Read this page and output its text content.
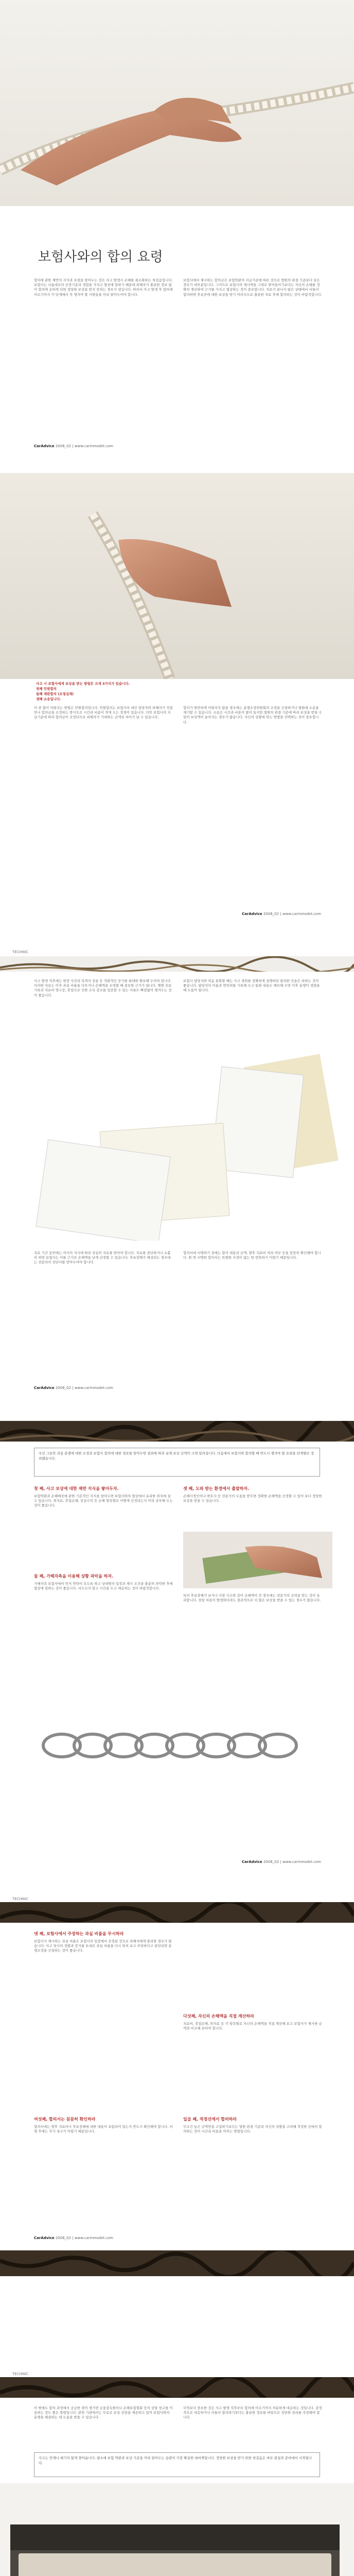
보험사와의 합의 요령

합의에 관한 제반의 지식과 요령을 알아두는 것은 사고 발생시 손해를 최소화하는 첫걸음입니다. 보험사는 나름대로의 산정기준과 경험을 가지고 협상에 임하기 때문에 피해자가 충분한 정보 없이 합의에 응하게 되면 정당한 보상을 받지 못하는 경우가 생깁니다. 따라서 사고 발생 후 합의에 이르기까지 각 단계에서 꼭 챙겨야 할 사항들을 미리 알아두어야 합니다.

보험사에서 제시하는 합의금은 보험약관의 지급기준에 따른 것으로 법원의 판결 기준보다 낮은 경우가 대부분입니다. 그러므로 보험사의 제시액을 그대로 받아들이기보다는 자신의 손해를 정확히 계산하여 근거를 가지고 협상하는 것이 중요합니다. 치료가 끝나지 않은 상태에서 서둘러 합의하면 후유증에 대한 보상을 받기 어려우므로 충분한 치료 후에 합의하는 것이 바람직합니다.

CarAdvice 2008_02 | www.carinmodel.com
사고 시 보험사에게 보상을 받는 방법은 크게 3가지가 있습니다.
첫째 민원합의
둘째 재판합의 (조정심재)
셋째 소송입니다.

이 중 많이 이뤄지는 방법은 민원합의입니다. 민원합의는 보험사의 대인 담당자와 피해자가 직접 만나 합의금을 조정하는 방식으로 시간과 비용이 적게 드는 장점이 있습니다. 다만 보험사의 지급기준에 따라 합의금이 산정되므로 피해자가 기대하는 금액과 차이가 날 수 있습니다.

합의가 원만하게 이뤄지지 않을 경우에는 분쟁조정위원회의 조정을 신청하거나 법원에 소송을 제기할 수 있습니다. 소송은 시간과 비용이 많이 들지만 법원의 판결 기준에 따라 보상을 받을 수 있어 보상액이 높아지는 경우가 많습니다. 자신의 상황에 맞는 방법을 선택하는 것이 중요합니다.

CarAdvice 2008_02 | www.carinmodel.com
TECHNIC

사고 발생 직후에는 현장 사진과 목격자 진술 등 객관적인 증거를 최대한 확보해 두어야 합니다. 이러한 자료는 이후 과실 비율을 다투거나 손해액을 산정할 때 중요한 근거가 됩니다. 병원 진료 기록과 치료비 영수증, 휴업으로 인한 소득 감소를 입증할 수 있는 서류도 빠짐없이 챙겨두는 것이 좋습니다.

보험사 담당자와 처음 통화할 때는 사고 경위를 정확하게 설명하되 불리한 진술은 피하는 것이 좋습니다. 담당자의 이름과 연락처를 기록해 두고 통화 내용도 메모해 두면 이후 분쟁이 생겼을 때 도움이 됩니다.

치료 기간 동안에는 의사의 지시에 따라 성실히 치료를 받아야 합니다. 치료를 중단하거나 소홀히 하면 보험사는 이를 근거로 손해액을 낮게 산정할 수 있습니다. 후유장해가 예상되는 경우에는 전문의의 진단서를 받아두어야 합니다.

합의서에 서명하기 전에는 합의 내용과 금액, 향후 치료비 처리 여부 등을 꼼꼼히 확인해야 합니다. 한 번 서명한 합의서는 특별한 사정이 없는 한 번복하기 어렵기 때문입니다.

CarAdvice 2008_02 | www.carinmodel.com
우선 그동안 과실 분쟁에 대한 조정과 보험사 합의에 대한 정보를 알아두면 결과에 따라 실제 보상 금액이 크게 달라집니다. 다음에서 보험사와 합의할 때 반드시 챙겨야 할 요령을 단계별로 정리했습니다.
첫 째, 사고 보상에 대한 제반 지식을 쌓아두자.

보험약관과 손해배상에 관한 기본적인 지식을 알아두면 보험사와의 협상에서 유리한 위치에 설 수 있습니다. 위자료, 휴업손해, 상실수익 등 손해 항목별로 어떻게 산정되는지 미리 공부해 두는 것이 좋습니다.

둘 째, 가해자측을 이용해 상황 파악을 하자.

가해자측 보험사에서 먼저 연락이 오도록 하고 상대방의 입장과 제시 조건을 충분히 파악한 후에 협상에 임하는 것이 좋습니다. 서두르지 말고 시간을 두고 대응하는 것이 바람직합니다.

셋 째, 도와 받는 환경에서 출발하자.

손해사정인이나 변호사 등 전문가의 도움을 받으면 정확한 손해액을 산정할 수 있어 보다 정당한 보상을 받을 수 있습니다.

특히 후유장해가 남거나 사망 사고와 같이 손해액이 큰 경우에는 전문가의 조력을 받는 것이 유리합니다. 상담 비용이 발생하더라도 결과적으로 더 많은 보상을 받을 수 있는 경우가 많습니다.

CarAdvice 2008_02 | www.carinmodel.com
TECHNIC
넷 째, 보험사에서 주장하는 과실 비율을 무시하라

보험사가 제시하는 과실 비율은 보험사의 입장에서 산정된 것으로 피해자에게 불리한 경우가 많습니다. 사고 당시의 정황과 증거를 토대로 과실 비율을 다시 따져 보고 부당하다고 판단되면 분쟁조정을 신청하는 것이 좋습니다.

다섯째, 자신의 손해액을 직접 계산하라

치료비, 휴업손해, 위자료 등 각 항목별로 자신의 손해액을 직접 계산해 보고 보험사가 제시한 금액과 비교해 보아야 합니다.

여섯째, 합의서는 꼼꼼히 확인하라

합의서에는 향후 치료비나 후유장해에 대한 내용이 포함되어 있는지 반드시 확인해야 합니다. 서명 후에는 추가 청구가 어렵기 때문입니다.

일곱 째, 적정선에서 합의하라

무조건 높은 금액만을 고집하기보다는 법원 판결 기준과 자신의 상황을 고려해 적정한 선에서 합의하는 것이 시간과 비용을 아끼는 방법입니다.

CarAdvice 2008_02 | www.carinmodel.com
TECHNIC

이 밖에도 합의 과정에서 궁금한 점이 생기면 금융감독원이나 손해보험협회 등의 상담 창구를 이용하는 것도 좋은 방법입니다. 관련 기관에서는 무료로 보상 상담을 제공하고 있어 보험사와의 분쟁을 해결하는 데 도움을 받을 수 있습니다.

무엇보다 중요한 것은 사고 발생 직후부터 합의에 이르기까지 차분하게 대응하는 것입니다. 감정적으로 대응하거나 서둘러 합의하기보다는 충분한 정보를 바탕으로 정당한 권리를 주장해야 합니다.

사고는 언제나 예기치 않게 찾아옵니다. 평소에 보험 약관과 보상 기준을 미리 알아두는 습관이 가장 확실한 대비책입니다. 정당한 보상을 받기 위한 첫걸음은 바로 관심과 준비에서 시작됩니다.
